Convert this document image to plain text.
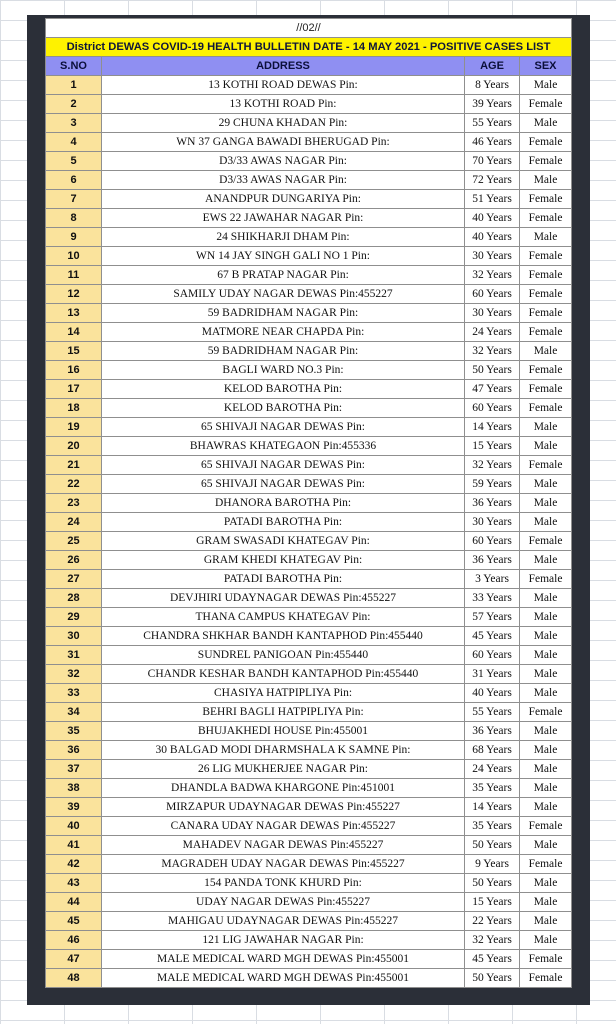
//02//			
District DEWAS COVID-19 HEALTH BULLETIN DATE - 14 MAY 2021 - POSITIVE CASES LIST			
S.NO	ADDRESS	AGE	SEX
1	13 KOTHI ROAD DEWAS Pin:	8 Years	Male
2	13 KOTHI ROAD Pin:	39 Years	Female
3	29 CHUNA KHADAN Pin:	55 Years	Male
4	WN 37 GANGA BAWADI BHERUGAD Pin:	46 Years	Female
5	D3/33 AWAS NAGAR Pin:	70 Years	Female
6	D3/33 AWAS NAGAR Pin:	72 Years	Male
7	ANANDPUR DUNGARIYA Pin:	51 Years	Female
8	EWS 22 JAWAHAR NAGAR Pin:	40 Years	Female
9	24 SHIKHARJI DHAM Pin:	40 Years	Male
10	WN 14 JAY SINGH GALI NO 1 Pin:	30 Years	Female
11	67 B PRATAP NAGAR Pin:	32 Years	Female
12	SAMILY UDAY NAGAR DEWAS Pin:455227	60 Years	Female
13	59 BADRIDHAM NAGAR Pin:	30 Years	Female
14	MATMORE NEAR CHAPDA Pin:	24 Years	Female
15	59 BADRIDHAM NAGAR Pin:	32 Years	Male
16	BAGLI WARD NO.3 Pin:	50 Years	Female
17	KELOD BAROTHA Pin:	47 Years	Female
18	KELOD BAROTHA Pin:	60 Years	Female
19	65 SHIVAJI NAGAR DEWAS Pin:	14 Years	Male
20	BHAWRAS KHATEGAON Pin:455336	15 Years	Male
21	65 SHIVAJI NAGAR DEWAS Pin:	32 Years	Female
22	65 SHIVAJI NAGAR DEWAS Pin:	59 Years	Male
23	DHANORA BAROTHA Pin:	36 Years	Male
24	PATADI BAROTHA Pin:	30 Years	Male
25	GRAM SWASADI KHATEGAV Pin:	60 Years	Female
26	GRAM KHEDI KHATEGAV Pin:	36 Years	Male
27	PATADI BAROTHA Pin:	3 Years	Female
28	DEVJHIRI UDAYNAGAR DEWAS Pin:455227	33 Years	Male
29	THANA CAMPUS KHATEGAV Pin:	57 Years	Male
30	CHANDRA SHKHAR BANDH KANTAPHOD Pin:455440	45 Years	Male
31	SUNDREL PANIGOAN Pin:455440	60 Years	Male
32	CHANDR KESHAR BANDH KANTAPHOD Pin:455440	31 Years	Male
33	CHASIYA HATPIPLIYA Pin:	40 Years	Male
34	BEHRI BAGLI HATPIPLIYA Pin:	55 Years	Female
35	BHUJAKHEDI HOUSE Pin:455001	36 Years	Male
36	30 BALGAD MODI DHARMSHALA K SAMNE Pin:	68 Years	Male
37	26 LIG MUKHERJEE NAGAR Pin:	24 Years	Male
38	DHANDLA BADWA KHARGONE Pin:451001	35 Years	Male
39	MIRZAPUR UDAYNAGAR DEWAS Pin:455227	14 Years	Male
40	CANARA UDAY NAGAR DEWAS Pin:455227	35 Years	Female
41	MAHADEV NAGAR DEWAS Pin:455227	50 Years	Male
42	MAGRADEH UDAY NAGAR DEWAS Pin:455227	9 Years	Female
43	154 PANDA TONK KHURD Pin:	50 Years	Male
44	UDAY NAGAR DEWAS Pin:455227	15 Years	Male
45	MAHIGAU UDAYNAGAR DEWAS Pin:455227	22 Years	Male
46	121 LIG JAWAHAR NAGAR Pin:	32 Years	Male
47	MALE MEDICAL WARD MGH DEWAS Pin:455001	45 Years	Female
48	MALE MEDICAL WARD MGH DEWAS Pin:455001	50 Years	Female
